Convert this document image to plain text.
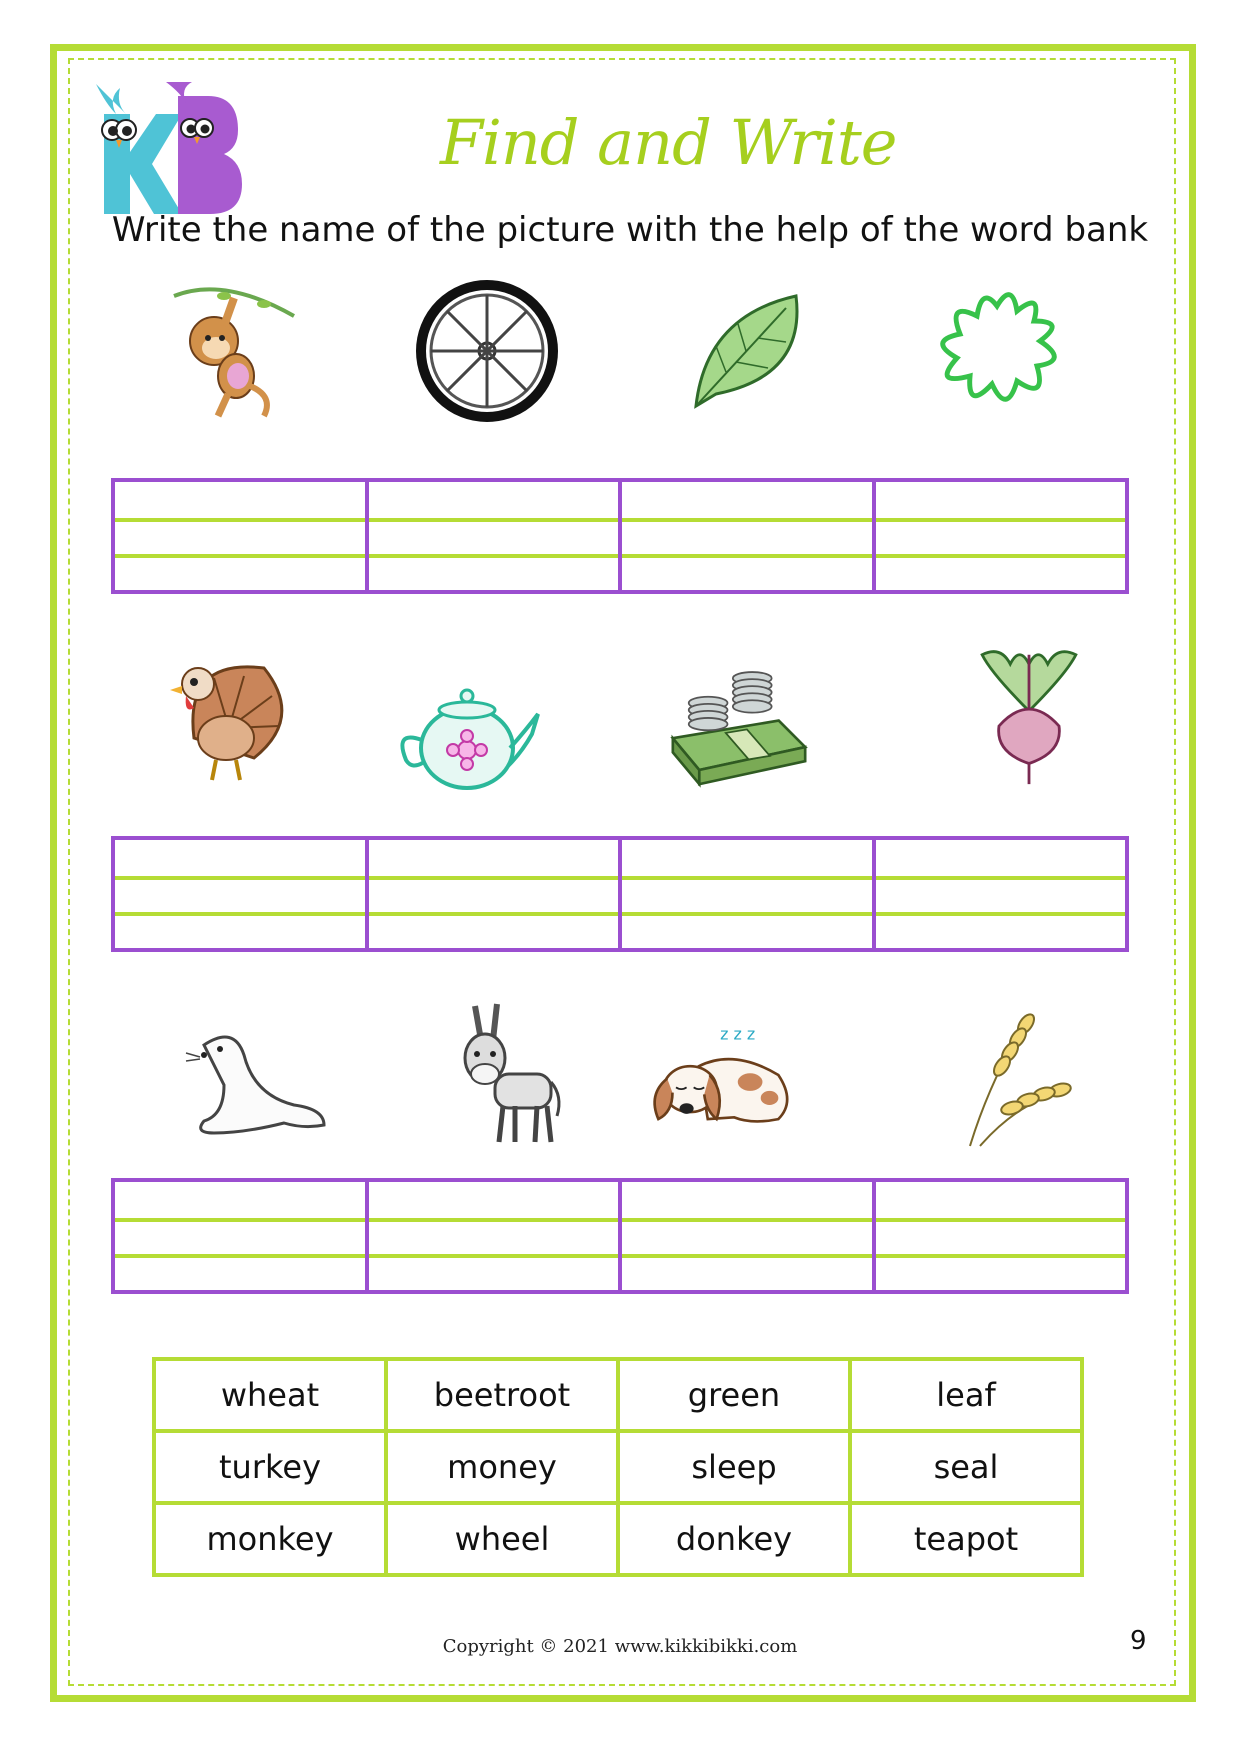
Find and Write
Write the name of the picture with the help of the word bank
z z z
wheat	beetroot	green	leaf
turkey	money	sleep	seal
monkey	wheel	donkey	teapot
Copyright © 2021 www.kikkibikki.com	9
